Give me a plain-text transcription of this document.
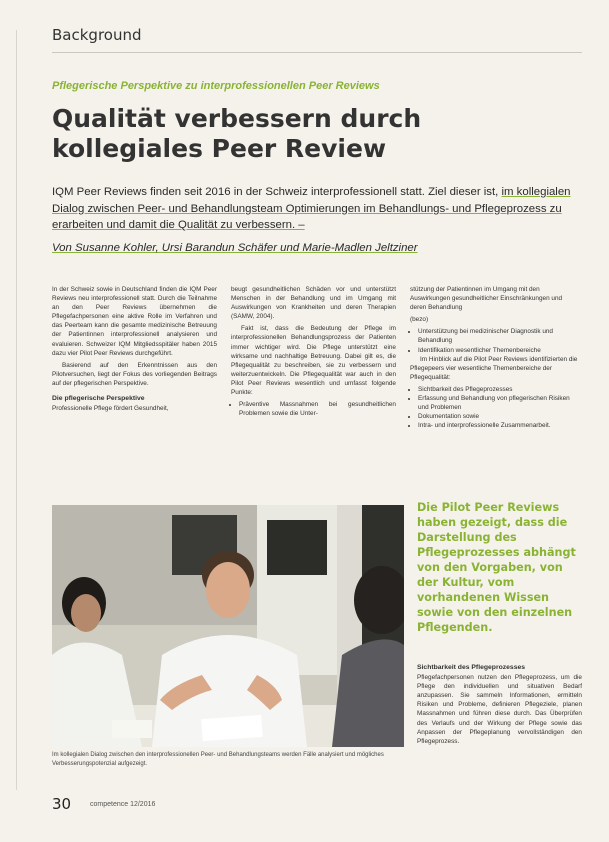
Background
Pflegerische Perspektive zu interprofessionellen Peer Reviews
Qualität verbessern durch kollegiales Peer Review

IQM Peer Reviews finden seit 2016 in der Schweiz interprofessionell statt. Ziel dieser ist, im kollegialen Dialog zwischen Peer- und Behandlungsteam Optimierungen im Behandlungs- und Pflegeprozess zu erarbeiten und damit die Qualität zu verbessern. –

Von Susanne Kohler, Ursi Barandun Schäfer und Marie-Madlen Jeltziner

In der Schweiz sowie in Deutschland finden die IQM Peer Reviews neu interprofessionell statt. Durch die Teilnahme an den Peer Reviews übernehmen die Pflegefachpersonen eine aktive Rolle im Verfahren und das Peerteam kann die gesamte medizinische Betreuung der Patientinnen interprofessionell analysieren und evaluieren. Schweizer IQM Mitgliedsspitäler haben 2015 dazu vier Pilot Peer Reviews durchgeführt.

Basierend auf den Erkenntnissen aus den Pilotversuchen, liegt der Fokus des vorliegenden Beitrags auf der pflegerischen Perspektive.

Die pflegerische Perspektive

Professionelle Pflege fördert Gesundheit,

beugt gesundheitlichen Schäden vor und unterstützt Menschen in der Behandlung und im Umgang mit Auswirkungen von Krankheiten und deren Therapien (SAMW, 2004).

Fakt ist, dass die Bedeutung der Pflege im interprofessionellen Behandlungsprozess der Patienten immer wichtiger wird. Die Pflege unterstützt eine wirksame und nachhaltige Betreuung. Dabei gilt es, die Pflegequalität zu beschreiben, sie zu verbessern und weiterzuentwickeln. Die Pflegequalität war auch in den Pilot Peer Reviews wesentlich und umfasst folgende Punkte:

• Präventive Massnahmen bei gesundheitlichen Problemen sowie die Unter-

stützung der Patientinnen im Umgang mit den Auswirkungen gesundheitlicher Einschränkungen und deren Behandlung

(bezo)

• Unterstützung bei medizinischer Diagnostik und Behandlung
• Identifikation wesentlicher Themenbereiche

Im Hinblick auf die Pilot Peer Reviews identifizierten die Pflegepeers vier wesentliche Themenbereiche der Pflegequalität:

• Sichtbarkeit des Pflegeprozesses
• Erfassung und Behandlung von pflegerischen Risiken und Problemen
• Dokumentation sowie
• Intra- und interprofessionelle Zusammenarbeit.
Im kollegialen Dialog zwischen den interprofessionellen Peer- und Behandlungsteams werden Fälle analysiert und mögliches Verbesserungspotenzial aufgezeigt.

Die Pilot Peer Reviews haben gezeigt, dass die Darstellung des Pflegeprozesses abhängt von den Vorgaben, von der Kultur, vom vorhandenen Wissen sowie von den einzelnen Pflegenden.

Sichtbarkeit des Pflegeprozesses

Pflegefachpersonen nutzen den Pflegeprozess, um die Pflege den individuellen und situativen Bedarf anzupassen. Sie sammeln Informationen, ermitteln Risiken und Probleme, definieren Pflegeziele, planen Massnahmen und führen diese durch. Das Überprüfen des Verlaufs und der Wirkung der Pflege sowie das Anpassen der Pflegeplanung vervollständigen den Pflegeprozess.

30	competence 12/2016
